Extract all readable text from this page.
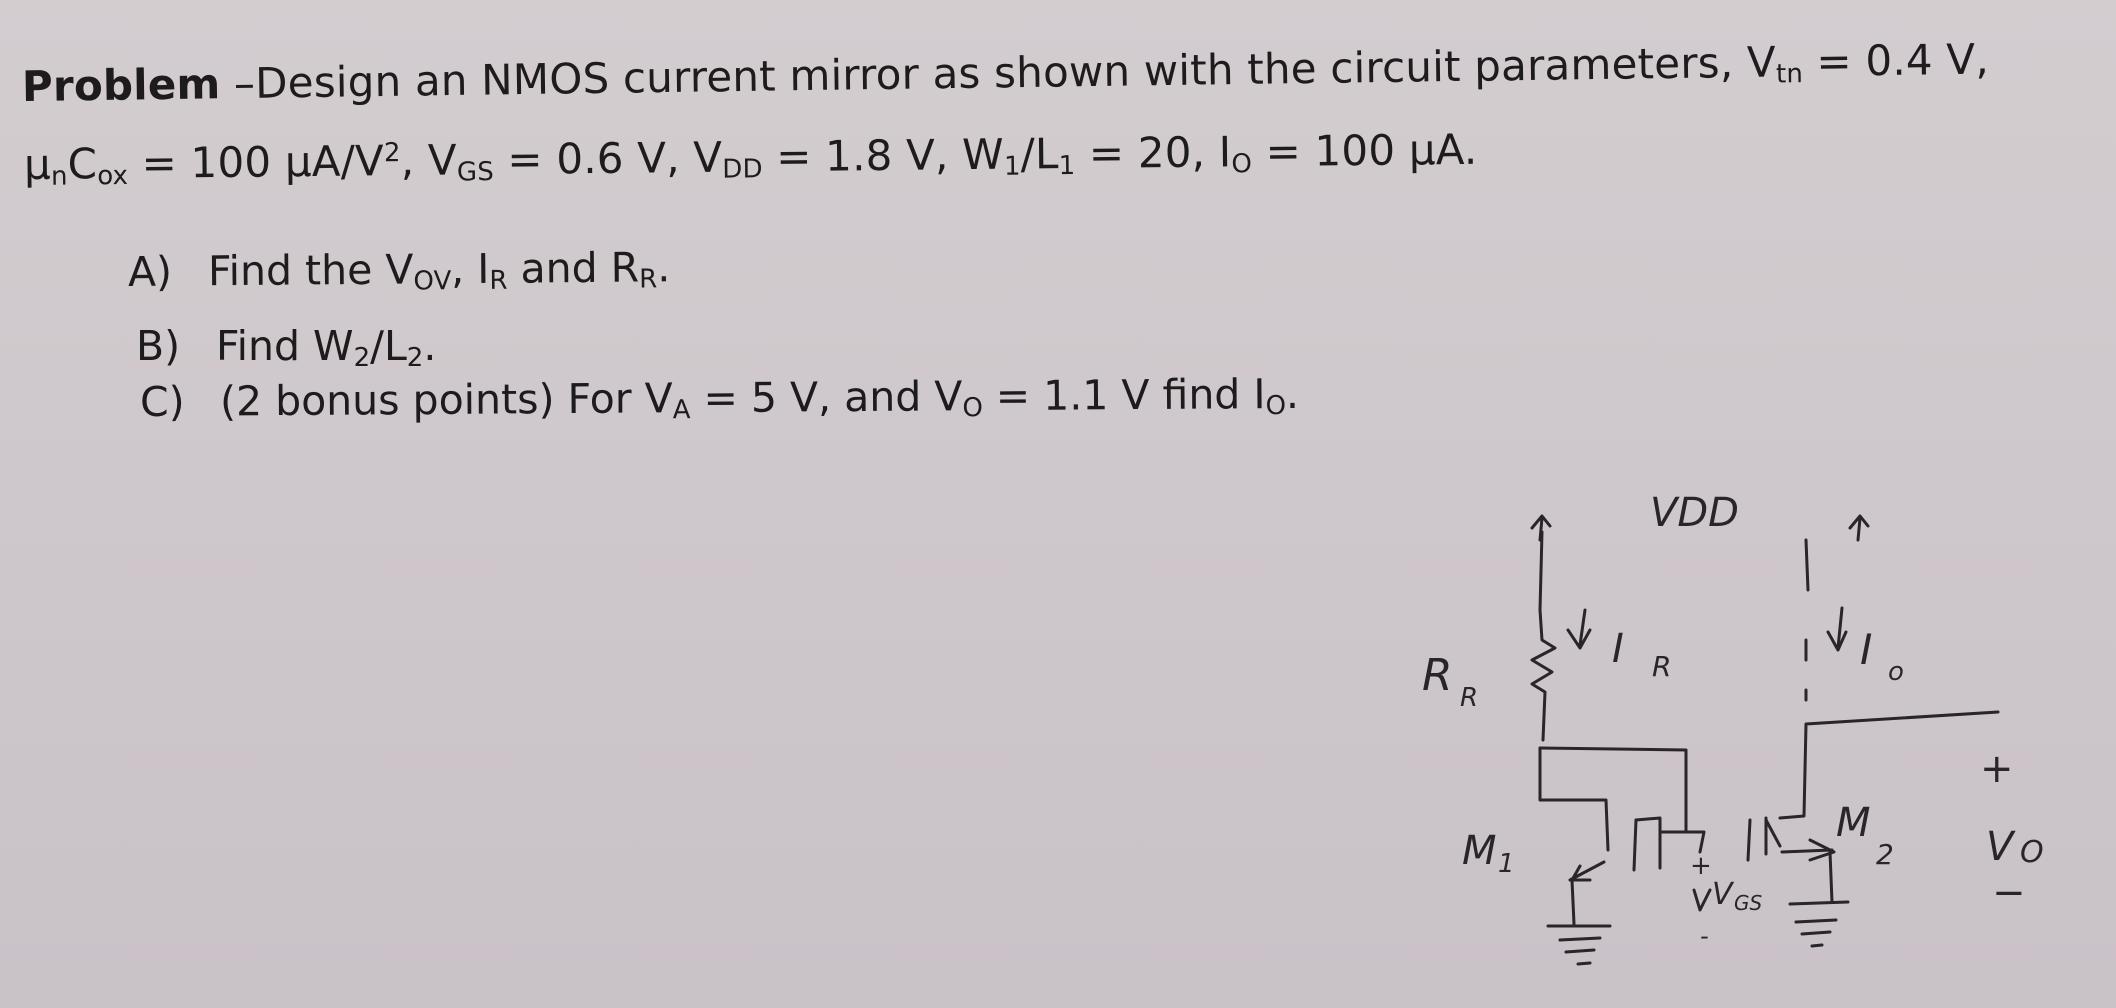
Problem –Design an NMOS current mirror as shown with the circuit parameters, $V_{tn} = 0.4$ V,
$\mu_nC_{ox} = 100$ $\mu A/V^2$, $V_{GS} = 0.6$ V, $V_{DD} = 1.8$ V, $W_1/L_1 = 20$, $I_O = 100$ μA.
A) Find the $V_{OV}$, $I_R$ and $R_R$.
B) Find $W_2/L_2$.
C) (2 bonus points) For $V_A = 5$ V, and $V_O = 1.1$ V find $I_O$.
VDD
R R
I R	I o
M 1
M
2
+
V GS
-
+
V O
−
